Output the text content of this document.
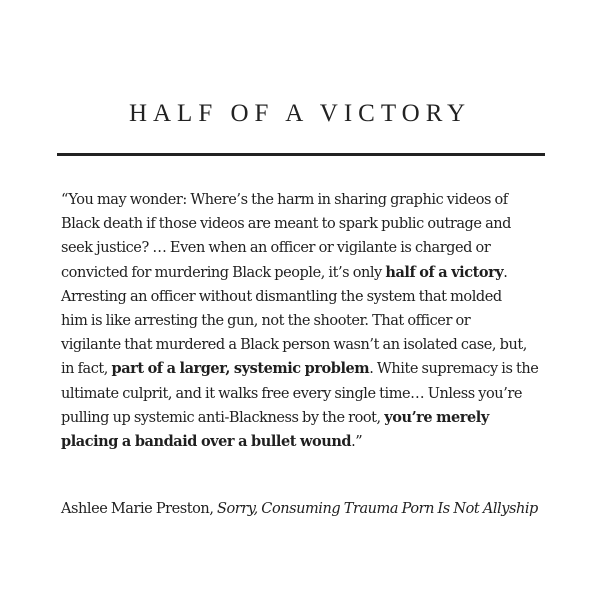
HALF OF A VICTORY

“You may wonder: Where’s the harm in sharing graphic videos of
Black death if those videos are meant to spark public outrage and
seek justice? … Even when an officer or vigilante is charged or
convicted for murdering Black people, it’s only half of a victory.
Arresting an officer without dismantling the system that molded
him is like arresting the gun, not the shooter. That officer or
vigilante that murdered a Black person wasn’t an isolated case, but,
in fact, part of a larger, systemic problem. White supremacy is the
ultimate culprit, and it walks free every single time… Unless you’re
pulling up systemic anti-Blackness by the root, you’re merely
placing a bandaid over a bullet wound.”

Ashlee Marie Preston, Sorry, Consuming Trauma Porn Is Not Allyship
